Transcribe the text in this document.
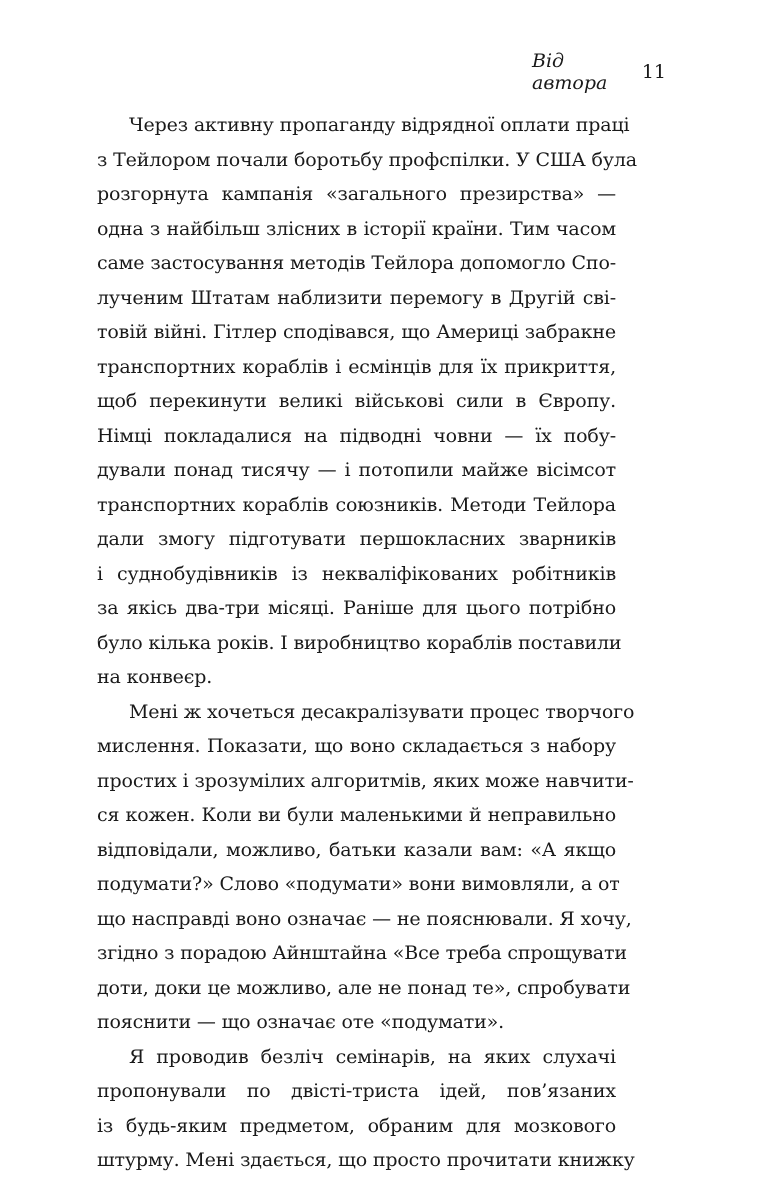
Від автора	11
Через активну пропаганду відрядної оплати праці
з Тейлором почали боротьбу профспілки. У США була
розгорнута кампанія «загального презирства» —
одна з найбільш злісних в історії країни. Тим часом
саме застосування методів Тейлора допомогло Спо-
лученим Штатам наблизити перемогу в Другій сві-
товій війні. Гітлер сподівався, що Америці забракне
транспортних кораблів і есмінців для їх прикриття,
щоб перекинути великі військові сили в Європу.
Німці покладалися на підводні човни — їх побу-
дували понад тисячу — і потопили майже вісімсот
транспортних кораблів союзників. Методи Тейлора
дали змогу підготувати першокласних зварників
і суднобудівників із некваліфікованих робітників
за якісь два-три місяці. Раніше для цього потрібно
було кілька років. І виробництво кораблів поставили
на конвеєр.
Мені ж хочеться десакралізувати процес творчого
мислення. Показати, що воно складається з набору
простих і зрозумілих алгоритмів, яких може навчити-
ся кожен. Коли ви були маленькими й неправильно
відповідали, можливо, батьки казали вам: «А якщо
подумати?» Слово «подумати» вони вимовляли, а от
що насправді воно означає — не пояснювали. Я хочу,
згідно з порадою Айнштайна «Все треба спрощувати
доти, доки це можливо, але не понад те», спробувати
пояснити — що означає оте «подумати».
Я проводив безліч семінарів, на яких слухачі
пропонували по двісті-триста ідей, пов’язаних
із будь-яким предметом, обраним для мозкового
штурму. Мені здається, що просто прочитати книжку
